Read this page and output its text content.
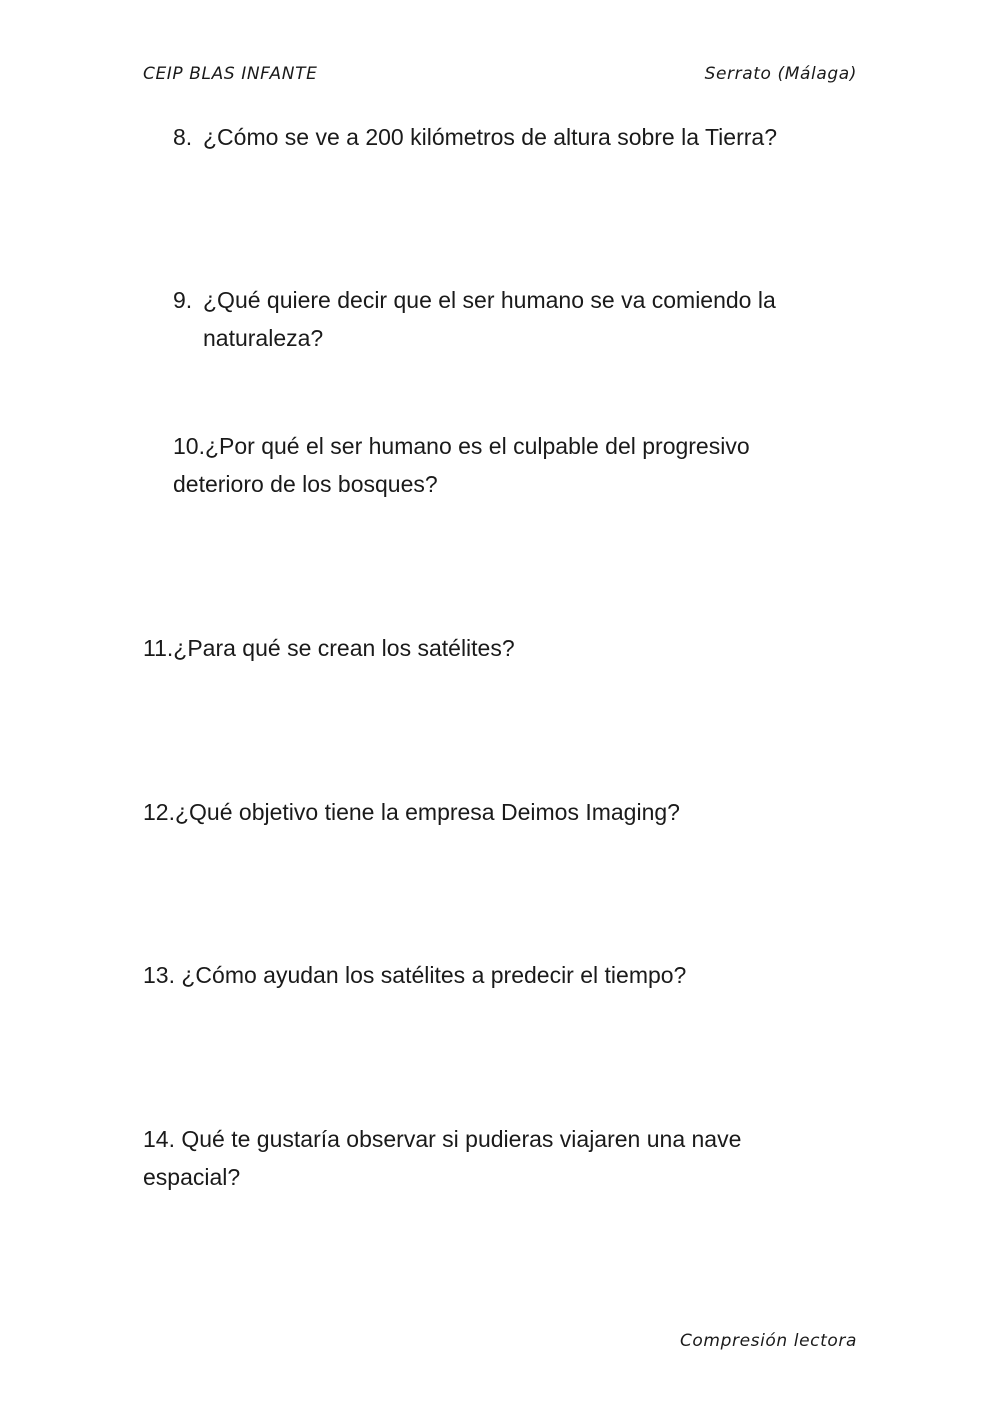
CEIP BLAS INFANTE	Serrato (Málaga)
8. ¿Cómo se ve a 200 kilómetros de altura sobre la Tierra?
9. ¿Qué quiere decir que el ser humano se va comiendo la naturaleza?
10.¿Por qué el ser humano es el culpable del progresivo deterioro de los bosques?
11.¿Para qué se crean los satélites?
12.¿Qué objetivo tiene la empresa Deimos Imaging?
13. ¿Cómo ayudan los satélites a predecir el tiempo?
14. Qué te gustaría observar si pudieras viajaren una nave espacial?
Compresión lectora
